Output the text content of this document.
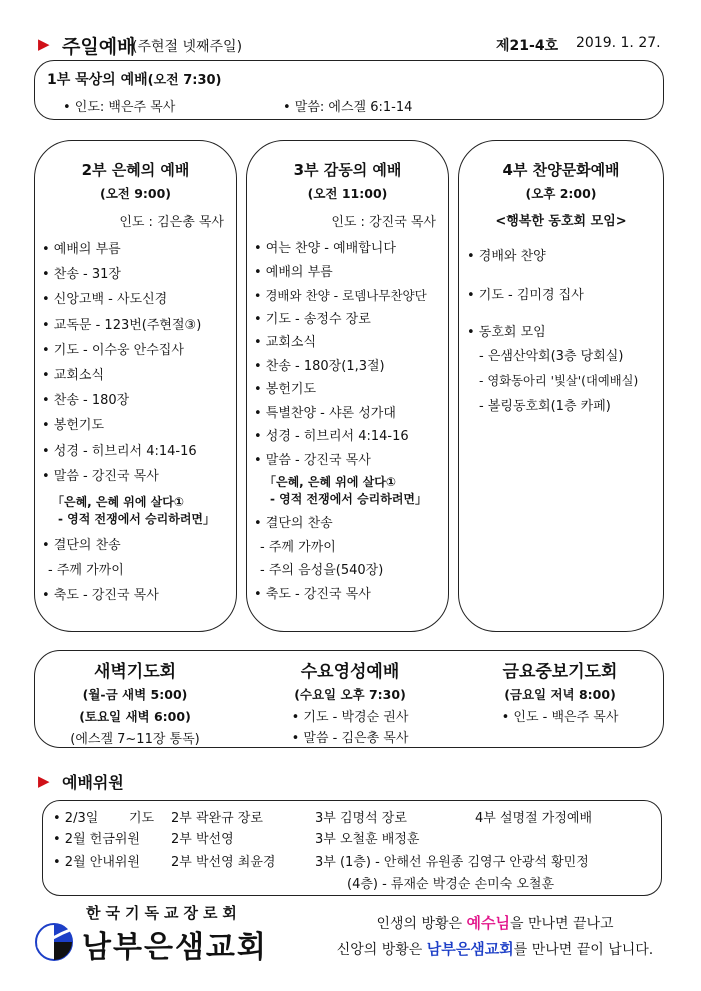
▶ 주일예배
(주현절 넷째주일)	제21-4호 2019. 1. 27.
1부 묵상의 예배(오전 7:30)
• 인도: 백은주 목사	• 말씀: 에스겔 6:1-14
2부 은혜의 예배
(오전 9:00)
인도 : 김은총 목사
• 예배의 부름
• 찬송 - 31장
• 신앙고백 - 사도신경
• 교독문 - 123번(주현절③)
• 기도 - 이수웅 안수집사
• 교회소식
• 찬송 - 180장
• 봉헌기도
• 성경 - 히브리서 4:14-16
• 말씀 - 강진국 목사
「은혜, 은혜 위에 살다①
- 영적 전쟁에서 승리하려면」
• 결단의 찬송
- 주께 가까이
• 축도 - 강진국 목사
3부 감동의 예배
(오전 11:00)
인도 : 강진국 목사
• 여는 찬양 - 예배합니다
• 예배의 부름
• 경배와 찬양 - 로뎀나무찬양단
• 기도 - 송정수 장로
• 교회소식
• 찬송 - 180장(1,3절)
• 봉헌기도
• 특별찬양 - 샤론 성가대
• 성경 - 히브리서 4:14-16
• 말씀 - 강진국 목사
「은혜, 은혜 위에 살다①
- 영적 전쟁에서 승리하려면」
• 결단의 찬송
- 주께 가까이
- 주의 음성을(540장)
• 축도 - 강진국 목사
4부 찬양문화예배
(오후 2:00)
<행복한 동호회 모임>
• 경배와 찬양
• 기도 - 김미경 집사
• 동호회 모임
- 은샘산악회(3층 당회실)
- 영화동아리 '빛살'(대예배실)
- 볼링동호회(1층 카페)
새벽기도회
(월-금 새벽 5:00)
(토요일 새벽 6:00)
(에스겔 7~11장 통독)
수요영성예배
(수요일 오후 7:30)
• 기도 - 박경순 권사
• 말씀 - 김은총 목사
금요중보기도회
(금요일 저녁 8:00)
• 인도 - 백은주 목사
▶ 예배위원
• 2/3일 기도 2부 곽완규 장로	3부 김명석 장로	4부 설명절 가정예배
• 2월 헌금위원 2부 박선영	3부 오철훈 배정훈
• 2월 안내위원 2부 박선영 최윤경	3부 (1층) - 안해선 유원종 김영구 안광석 황민정
(4층) - 류재순 박경순 손미숙 오철훈
한국기독교장로회
남부은샘교회
인생의 방황은 예수님을 만나면 끝나고
신앙의 방황은 남부은샘교회를 만나면 끝이 납니다.
